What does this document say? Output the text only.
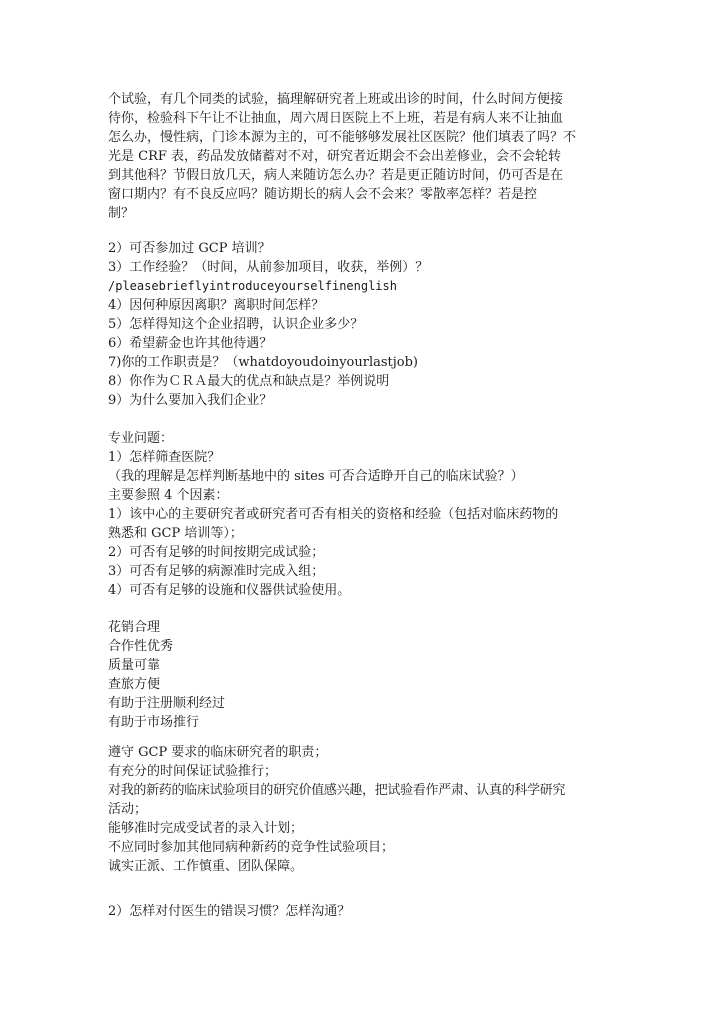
个试验，有几个同类的试验，搞理解研究者上班或出诊的时间，什么时间方便接
待你，检验科下午让不让抽血，周六周日医院上不上班，若是有病人来不让抽血
怎么办，慢性病，门诊本源为主的，可不能够够发展社区医院？他们填表了吗？不
光是 CRF 表，药品发放储蓄对不对，研究者近期会不会出差修业，会不会轮转
到其他科？节假日放几天，病人来随访怎么办？若是更正随访时间，仍可否是在
窗口期内？有不良反应吗？随访期长的病人会不会来？零散率怎样？若是控
制？
2）可否参加过 GCP 培训？
3）工作经验？（时间，从前参加项目，收获，举例）？
/pleasebrieflyintroduceyourselfinenglish
4）因何种原因离职？离职时间怎样？
5）怎样得知这个企业招聘，认识企业多少？
6）希望薪金也许其他待遇？
7)你的工作职责是？（whatdoyoudoinyourlastjob)
8）你作为ＣＲＡ最大的优点和缺点是？举例说明
9）为什么要加入我们企业？
专业问题：
1）怎样筛查医院？
（我的理解是怎样判断基地中的 sites 可否合适睁开自己的临床试验？）
主要参照 4 个因素：
1）该中心的主要研究者或研究者可否有相关的资格和经验（包括对临床药物的
熟悉和 GCP 培训等）；
2）可否有足够的时间按期完成试验；
3）可否有足够的病源准时完成入组；
4）可否有足够的设施和仪器供试验使用。
花销合理
合作性优秀
质量可靠
查旅方便
有助于注册顺利经过
有助于市场推行
遵守 GCP 要求的临床研究者的职责；
有充分的时间保证试验推行；
对我的新药的临床试验项目的研究价值感兴趣，把试验看作严肃、认真的科学研究
活动；
能够准时完成受试者的录入计划；
不应同时参加其他同病种新药的竞争性试验项目；
诚实正派、工作慎重、团队保障。
2）怎样对付医生的错误习惯？怎样沟通？
